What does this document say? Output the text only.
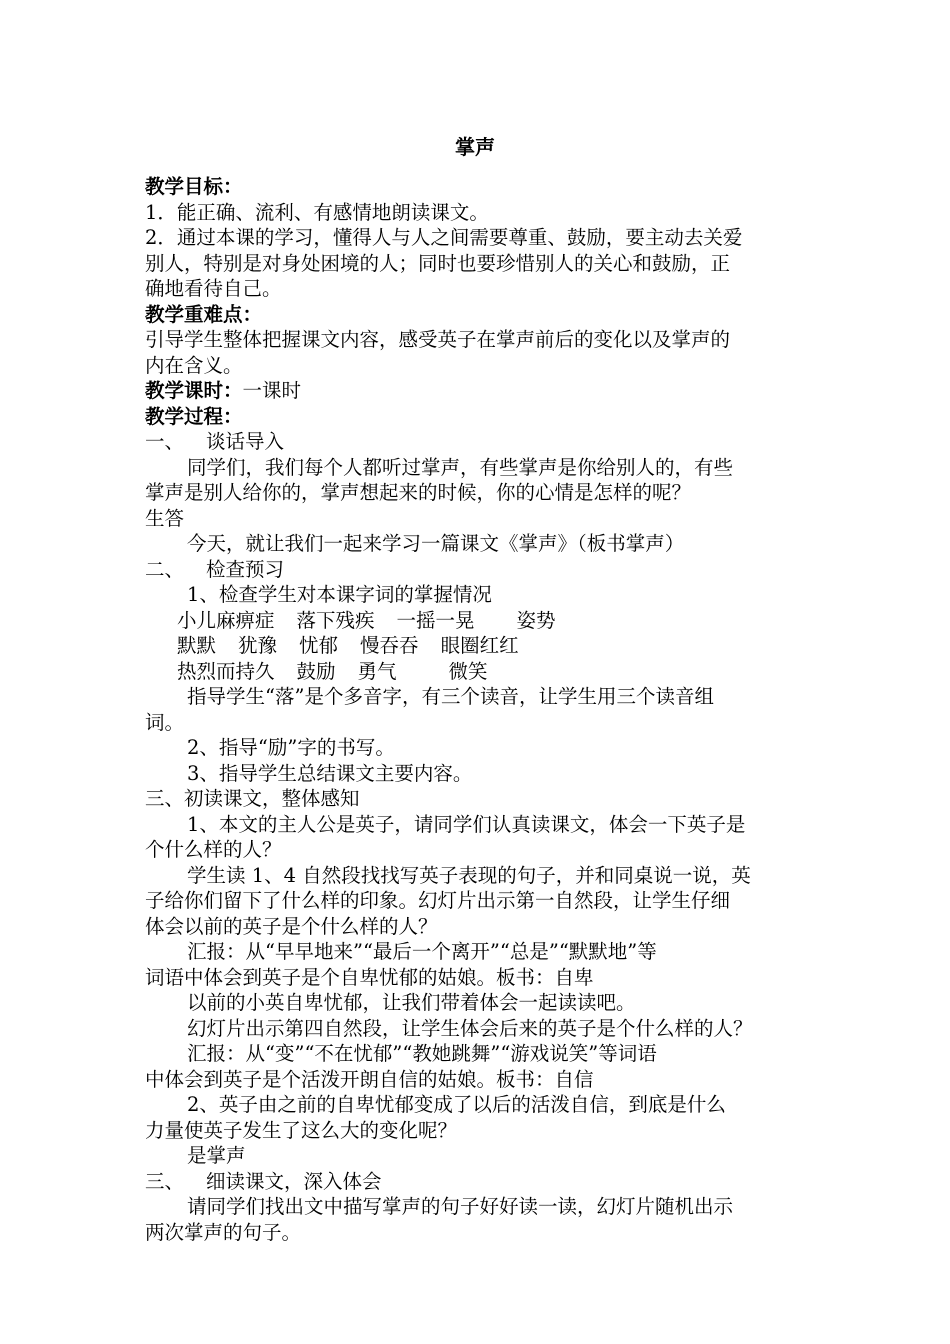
掌声
教学目标：
1．能正确、流利、有感情地朗读课文。
2．通过本课的学习，懂得人与人之间需要尊重、鼓励，要主动去关爱
别人，特别是对身处困境的人；同时也要珍惜别人的关心和鼓励，正
确地看待自己。
教学重难点：
引导学生整体把握课文内容，感受英子在掌声前后的变化以及掌声的
内在含义。
教学课时：一课时
教学过程：
一、 谈话导入
同学们，我们每个人都听过掌声，有些掌声是你给别人的，有些
掌声是别人给你的，掌声想起来的时候，你的心情是怎样的呢？
生答
今天，就让我们一起来学习一篇课文《掌声》（板书掌声）
二、 检查预习
1、检查学生对本课字词的掌握情况
小儿麻痹症 落下残疾 一摇一晃 姿势
默默 犹豫 忧郁 慢吞吞 眼圈红红
热烈而持久 鼓励 勇气	微笑
指导学生“落”是个多音字，有三个读音，让学生用三个读音组
词。
2、指导“励”字的书写。
3、指导学生总结课文主要内容。
三、初读课文，整体感知
1、本文的主人公是英子，请同学们认真读课文，体会一下英子是
个什么样的人？
学生读 1、4 自然段找找写英子表现的句子，并和同桌说一说，英
子给你们留下了什么样的印象。幻灯片出示第一自然段，让学生仔细
体会以前的英子是个什么样的人？
汇报：从“早早地来”“最后一个离开”“总是”“默默地”等
词语中体会到英子是个自卑忧郁的姑娘。板书：自卑
以前的小英自卑忧郁，让我们带着体会一起读读吧。
幻灯片出示第四自然段，让学生体会后来的英子是个什么样的人？
汇报：从“变”“不在忧郁”“教她跳舞”“游戏说笑”等词语
中体会到英子是个活泼开朗自信的姑娘。板书：自信
2、英子由之前的自卑忧郁变成了以后的活泼自信，到底是什么
力量使英子发生了这么大的变化呢？
是掌声
三、 细读课文，深入体会
请同学们找出文中描写掌声的句子好好读一读，幻灯片随机出示
两次掌声的句子。
